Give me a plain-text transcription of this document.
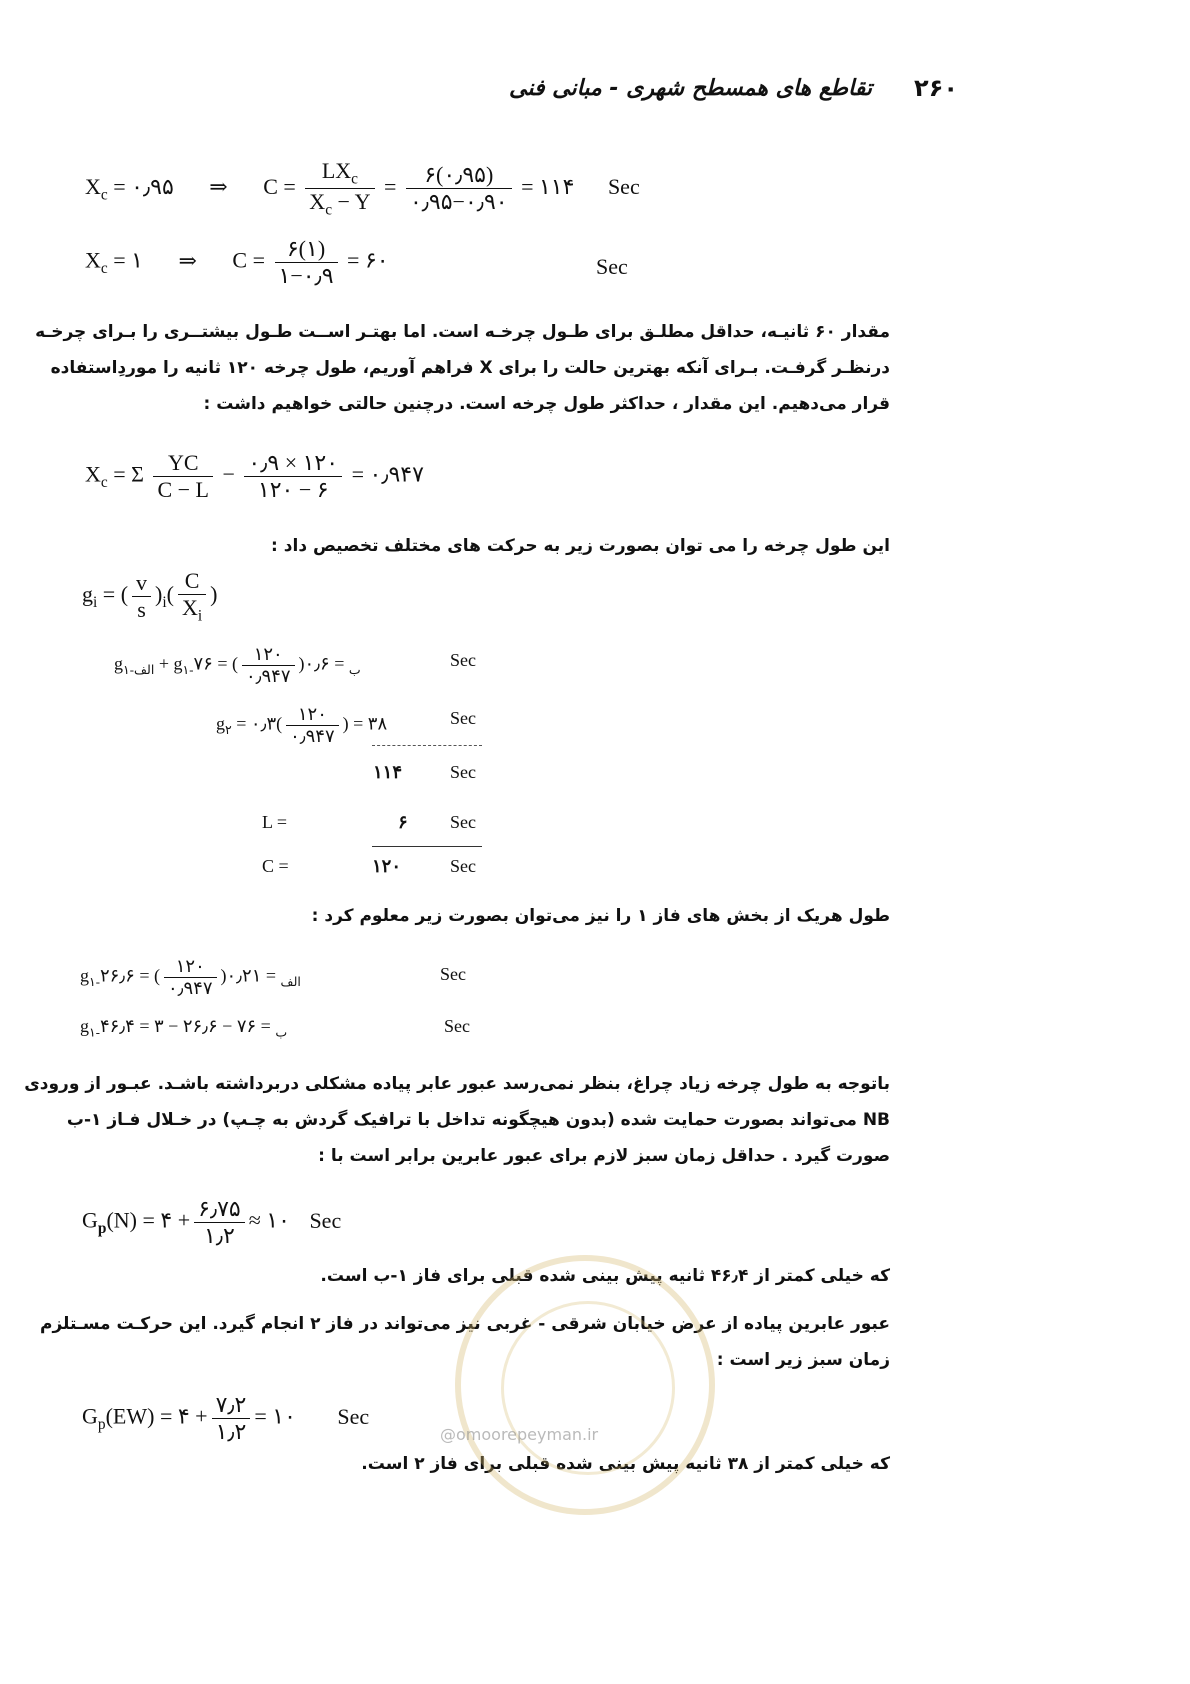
۲۶۰
تقاطع های همسطح شهری - مبانی فنی
$X_c$ = ۰٫۹۵ ⇒ $C = \frac{LX_c}{X_c - Y} = \frac{۶(۰٫۹۵)}{۰٫۹۵-۰٫۹۰}$ = ۱۱۴ Sec
$X_c$ = ۱ ⇒ $C = \frac{۶(۱)}{۱-۰٫۹}$ = ۶۰	Sec
مقدار ۶۰ ثانیـه، حداقل مطلـق برای طـول چرخـه است. اما بهتـر اســت طـول بیشتــری را بـرای چرخـه
درنظـر گرفـت. بـرای آنکه بهترین حالت را برای X فراهم آوریم، طول چرخه ۱۲۰ ثانیه را موردِاستفاده
قرار می‌دهیم. این مقدار ، حداکثر طول چرخه است. درچنین حالتی خواهیم داشت :
$X_c = \Sigma \frac{YC}{C - L} - \frac{۰٫۹ \times ۱۲۰}{۱۲۰ - ۶}$ = ۰٫۹۴۷
این طول چرخه را می توان بصورت زیر به حرکت های مختلف تخصیص داد :
$g_i$ = ( $\frac{v}{s} )_i( \frac{C}{X_i}$ )
$g_{۱-الف} + g_{۱-ب}$ = ۰٫۶(
$\frac{۱۲۰}{۰٫۹۴۷}$
) = ۷۶	Sec
$g_۲$ = ۰٫۳( $\frac{۱۲۰}{۰٫۹۴۷}$ ) = ۳۸	Sec
۱۱۴	Sec
L =	۶ Sec
C =	۱۲۰	Sec
طول هریک از بخش های فاز ۱ را نیز می‌توان بصورت زیر معلوم کرد :
$g_{۱-الف}$ = ۰٫۲۱(
$\frac{۱۲۰}{۰٫۹۴۷}$
) = ۲۶٫۶	Sec
$g_{۱-ب}$ = ۷۶ − ۲۶٫۶ − ۳ = ۴۶٫۴	Sec
باتوجه به طول چرخه زیاد چراغ، بنظر نمی‌رسد عبور عابر پیاده مشکلی دربرداشته باشـد. عبـور از ورودی
NB می‌تواند بصورت حمایت شده (بدون هیچگونه تداخل با ترافیک گردش به چـپ) در خـلال فـاز ۱-ب
صورت گیرد . حداقل زمان سبز لازم برای عبور عابرین برابر است با :
$G_p(N)$ = ۴ + $\frac{۶٫۷۵}{۱٫۲}$ ≈ ۱۰ Sec
که خیلی کمتر از ۴۶٫۴ ثانیه پیش بینی شده قبلی برای فاز ۱-ب است.
عبور عابرین پیاده از عرض خیابان شرقی - غربی نیز می‌تواند در فاز ۲ انجام گیرد. این حرکـت مسـتلزم
زمان سبز زیر است :
$G_p(EW)$ = ۴ + $\frac{۷٫۲}{۱٫۲}$ = ۱۰ Sec
که خیلی کمتر از ۳۸ ثانیه پیش بینی شده قبلی برای فاز ۲ است.
@omoorepeyman.ir
